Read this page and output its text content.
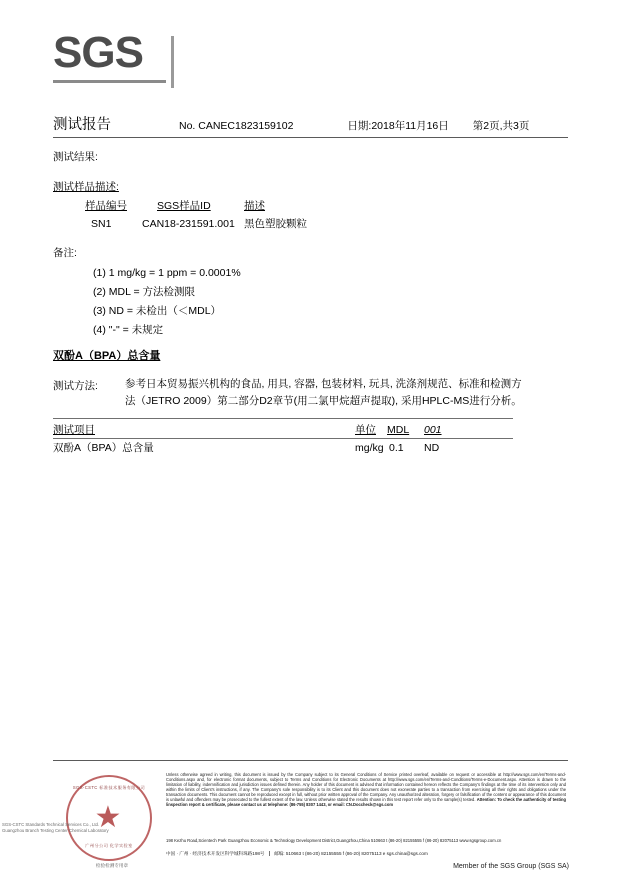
SGS
测试报告	No. CANEC1823159102	日期:2018年11月16日 第2页,共3页
测试结果:
测试样品描述:
样品编号	SGS样品ID	描述
SN1	CAN18-231591.001 黑色塑胶颗粒
备注:
(1) 1 mg/kg = 1 ppm = 0.0001%
(2) MDL = 方法检测限
(3) ND = 未检出（＜MDL）
(4) "-" = 未规定
双酚A（BPA）总含量
测试方法:	参考日本贸易振兴机构的食品, 用具, 容器, 包装材料, 玩具, 洗涤剂规范、标准和检测方
法（JETRO 2009）第二部分D2章节(用二氯甲烷超声提取), 采用HPLC-MS进行分析。
测试项目	单位 MDL 001
双酚A（BPA）总含量	mg/kg 0.1 ND
SGS-CSTC 标准技术服务有限公司
★
广州分公司 化学实验室
检验检测专用章
SGS-CSTC Standards Technical Services Co., Ltd.
Guangzhou Branch Testing Center Chemical Laboratory
Unless otherwise agreed in writing, this document is issued by the Company subject to its General Conditions of Service printed overleaf, available on request or accessible at http://www.sgs.com/en/Terms-and-Conditions.aspx and, for electronic format documents, subject to Terms and Conditions for Electronic Documents at http://www.sgs.com/en/Terms-and-Conditions/Terms-e-Document.aspx. Attention is drawn to the limitation of liability, indemnification and jurisdiction issues defined therein. Any holder of this document is advised that information contained hereon reflects the Company's findings at the time of its intervention only and within the limits of Client's instructions, if any. The Company's sole responsibility is to its Client and this document does not exonerate parties to a transaction from exercising all their rights and obligations under the transaction documents. This document cannot be reproduced except in full, without prior written approval of the Company. Any unauthorized alteration, forgery or falsification of the content or appearance of this document is unlawful and offenders may be prosecuted to the fullest extent of the law. Unless otherwise stated the results shown in this test report refer only to the sample(s) tested. Attention: To check the authenticity of testing /inspection report & certificate, please contact us at telephone: (86-755) 8307 1443, or email: CN.Doccheck@sgs.com
198 Kezhu Road,Scientech Park Guangzhou Economic & Technology Development District,Guangzhou,China 510663 t (86-20) 82155555 f (86-20) 82075113 www.sgsgroup.com.cn
中国 · 广州 · 经济技术开发区科学城科珠路198号 邮编: 510663 t (86-20) 82155555 f (86-20) 82075113 e sgs.china@sgs.com
Member of the SGS Group (SGS SA)
